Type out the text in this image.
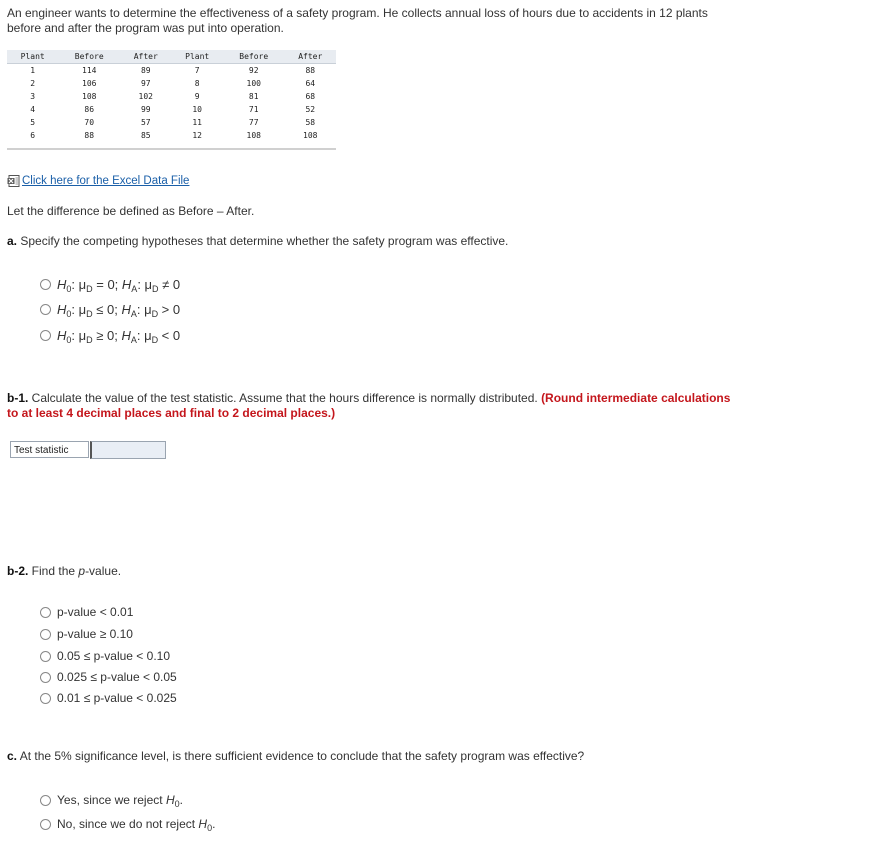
An engineer wants to determine the effectiveness of a safety program. He collects annual loss of hours due to accidents in 12 plants
before and after the program was put into operation.
Plant	Before	After	Plant	Before	After
1	114	89	7	92	88
2	106	97	8	100	64
3	108	102	9	81	68
4	86	99	10	71	52
5	70	57	11	77	58
6	88	85	12	108	108
Click here for the Excel Data File
Let the difference be defined as Before – After.
a. Specify the competing hypotheses that determine whether the safety program was effective.
$H_0$: $\mu_D = 0$; $H_A$: $\mu_D \ne 0$
$H_0$: $\mu_D \le 0$; $H_A$: $\mu_D > 0$
$H_0$: $\mu_D \ge 0$; $H_A$: $\mu_D < 0$
b-1. Calculate the value of the test statistic. Assume that the hours difference is normally distributed. (Round intermediate calculations
to at least 4 decimal places and final to 2 decimal places.)
Test statistic
b-2. Find the p-value.
p-value < 0.01
p-value ≥ 0.10
0.05 ≤ p-value < 0.10
0.025 ≤ p-value < 0.05
0.01 ≤ p-value < 0.025
c. At the 5% significance level, is there sufficient evidence to conclude that the safety program was effective?
Yes, since we reject $H_0$.
No, since we do not reject $H_0$.
